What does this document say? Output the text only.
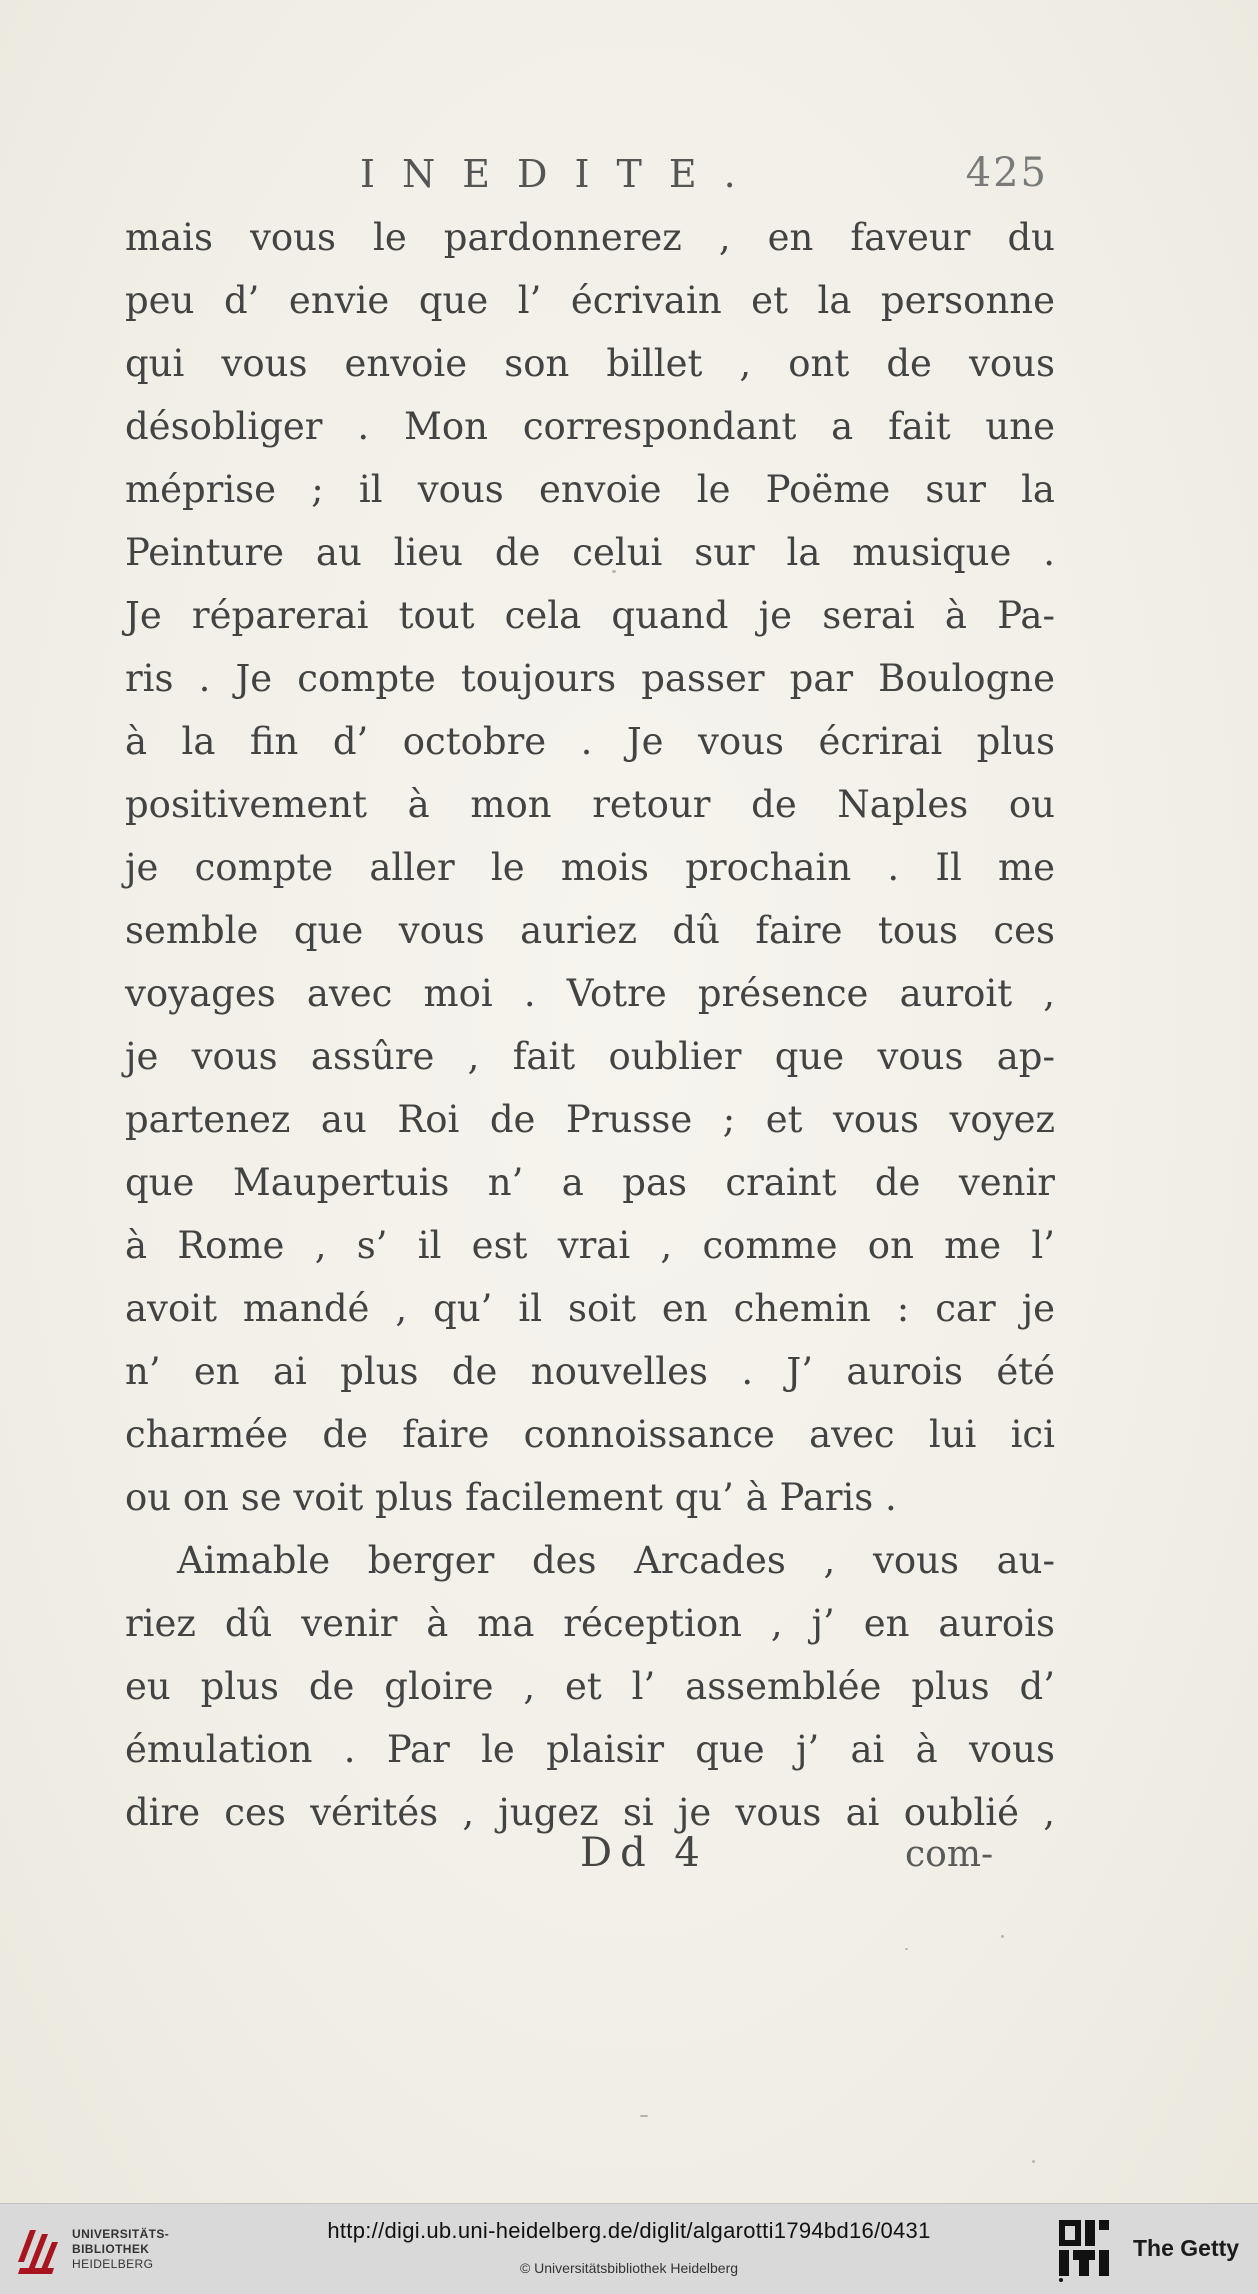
INEDITE.	425
mais vous le pardonnerez , en faveur du
peu d’ envie que l’ écrivain et la personne
qui vous envoie son billet , ont de vous
désobliger . Mon correspondant a fait une
méprise ; il vous envoie le Poëme sur la
Peinture au lieu de celui sur la musique .
Je réparerai tout cela quand je serai à Pa-
ris . Je compte toujours passer par Boulogne
à la fin d’ octobre . Je vous écrirai plus
positivement à mon retour de Naples ou
je compte aller le mois prochain . Il me
semble que vous auriez dû faire tous ces
voyages avec moi . Votre présence auroit ,
je vous assûre , fait oublier que vous ap-
partenez au Roi de Prusse ; et vous voyez
que Maupertuis n’ a pas craint de venir
à Rome , s’ il est vrai , comme on me l’
avoit mandé , qu’ il soit en chemin : car je
n’ en ai plus de nouvelles . J’ aurois été
charmée de faire connoissance avec lui ici
ou on se voit plus facilement qu’ à Paris .
Aimable berger des Arcades , vous au-
riez dû venir à ma réception , j’ en aurois
eu plus de gloire , et l’ assemblée plus d’
émulation . Par le plaisir que j’ ai à vous
dire ces vérités , jugez si je vous ai oublié ,
Dd 4	com-
UNIVERSITÄTS-
BIBLIOTHEK
HEIDELBERG
http://digi.ub.uni-heidelberg.de/diglit/algarotti1794bd16/0431
© Universitätsbibliothek Heidelberg
The Getty
